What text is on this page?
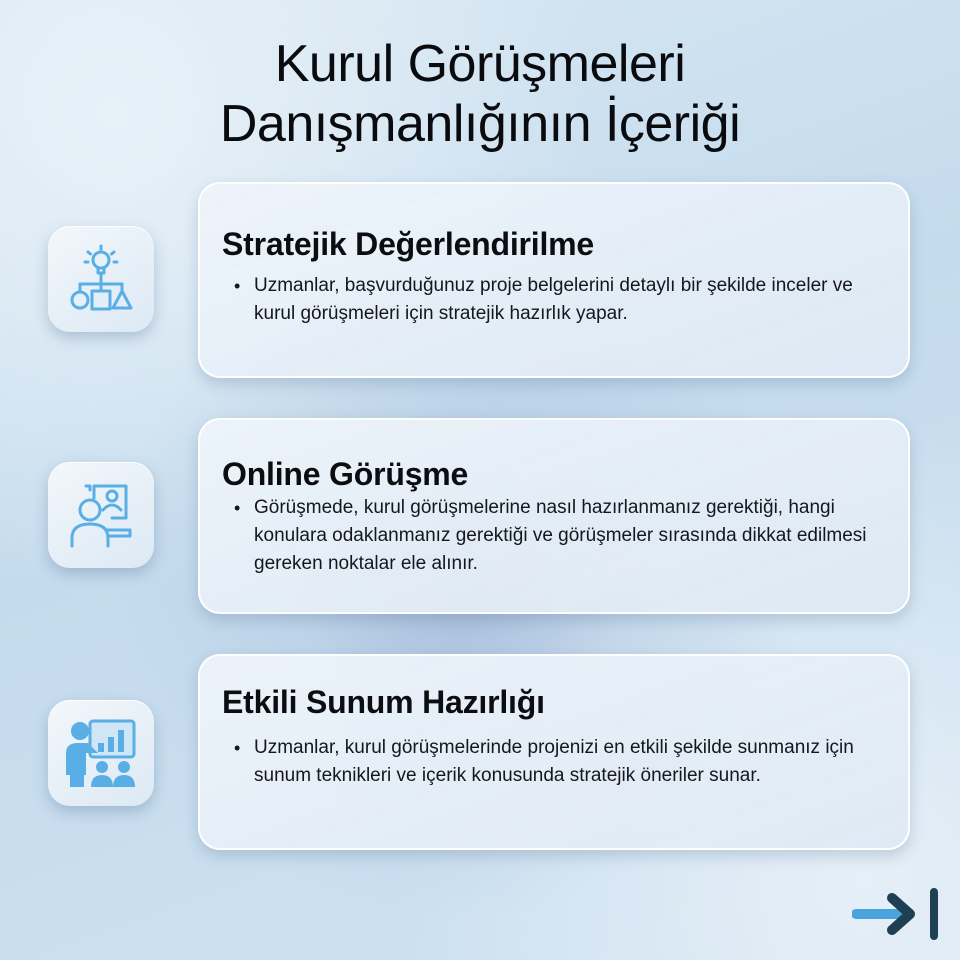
Kurul Görüşmeleri
Danışmanlığının İçeriği
Stratejik Değerlendirilme
• Uzmanlar, başvurduğunuz proje belgelerini detaylı bir şekilde inceler ve kurul görüşmeleri için stratejik hazırlık yapar.
Online Görüşme
• Görüşmede, kurul görüşmelerine nasıl hazırlanmanız gerektiği, hangi konulara odaklanmanız gerektiği ve görüşmeler sırasında dikkat edilmesi gereken noktalar ele alınır.
Etkili Sunum Hazırlığı
• Uzmanlar, kurul görüşmelerinde projenizi en etkili şekilde sunmanız için sunum teknikleri ve içerik konusunda stratejik öneriler sunar.
